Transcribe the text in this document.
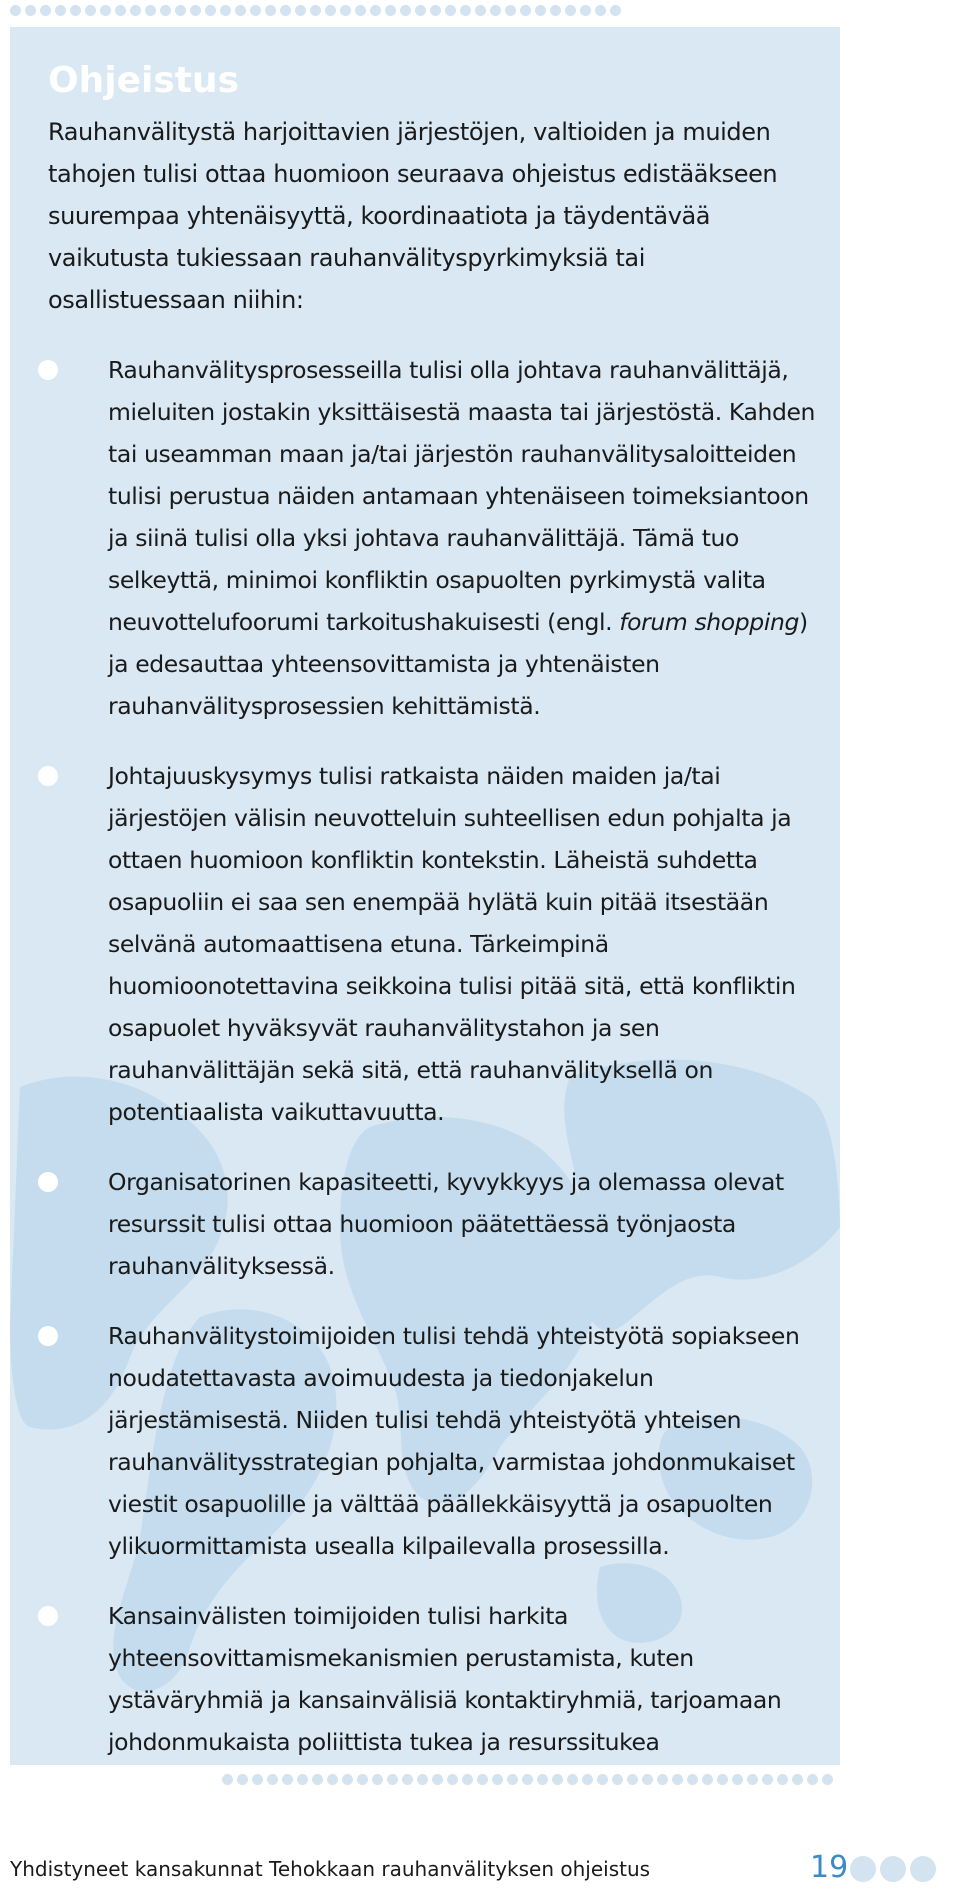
Ohjeistus

Rauhanvälitystä harjoittavien järjestöjen, valtioiden ja muiden tahojen tulisi ottaa huomioon seuraava ohjeistus edistääkseen suurempaa yhtenäisyyttä, koordinaatiota ja täydentävää vaikutusta tukiessaan rauhanvälityspyrkimyksiä tai osallistuessaan niihin:

Rauhanvälitysprosesseilla tulisi olla johtava rauhanvälittäjä, mieluiten jostakin yksittäisestä maasta tai järjestöstä. Kahden tai useamman maan ja/tai järjestön rauhanvälitysaloitteiden tulisi perustua näiden antamaan yhtenäiseen toimeksiantoon ja siinä tulisi olla yksi johtava rauhanvälittäjä. Tämä tuo selkeyttä, minimoi konfliktin osapuolten pyrkimystä valita neuvottelufoorumi tarkoitushakuisesti (engl. forum shopping) ja edesauttaa yhteensovittamista ja yhtenäisten rauhanvälitysprosessien kehittämistä.
Johtajuuskysymys tulisi ratkaista näiden maiden ja/tai järjestöjen välisin neuvotteluin suhteellisen edun pohjalta ja ottaen huomioon konfliktin kontekstin. Läheistä suhdetta osapuoliin ei saa sen enempää hylätä kuin pitää itsestään selvänä automaattisena etuna. Tärkeimpinä huomioonotettavina seikkoina tulisi pitää sitä, että konfliktin osapuolet hyväksyvät rauhanvälitystahon ja sen rauhanvälittäjän sekä sitä, että rauhanvälityksellä on potentiaalista vaikuttavuutta.
Organisatorinen kapasiteetti, kyvykkyys ja olemassa olevat resurssit tulisi ottaa huomioon päätettäessä työnjaosta rauhanvälityksessä.
Rauhanvälitystoimijoiden tulisi tehdä yhteistyötä sopiakseen noudatettavasta avoimuudesta ja tiedonjakelun järjestämisestä. Niiden tulisi tehdä yhteistyötä yhteisen rauhanvälitysstrategian pohjalta, varmistaa johdonmukaiset viestit osapuolille ja välttää päällekkäisyyttä ja osapuolten ylikuormittamista usealla kilpailevalla prosessilla.
Kansainvälisten toimijoiden tulisi harkita yhteensovittamismekanismien perustamista, kuten ystäväryhmiä ja kansainvälisiä kontaktiryhmiä, tarjoamaan johdonmukaista poliittista tukea ja resurssitukea
Yhdistyneet kansakunnat Tehokkaan rauhanvälityksen ohjeistus	19
